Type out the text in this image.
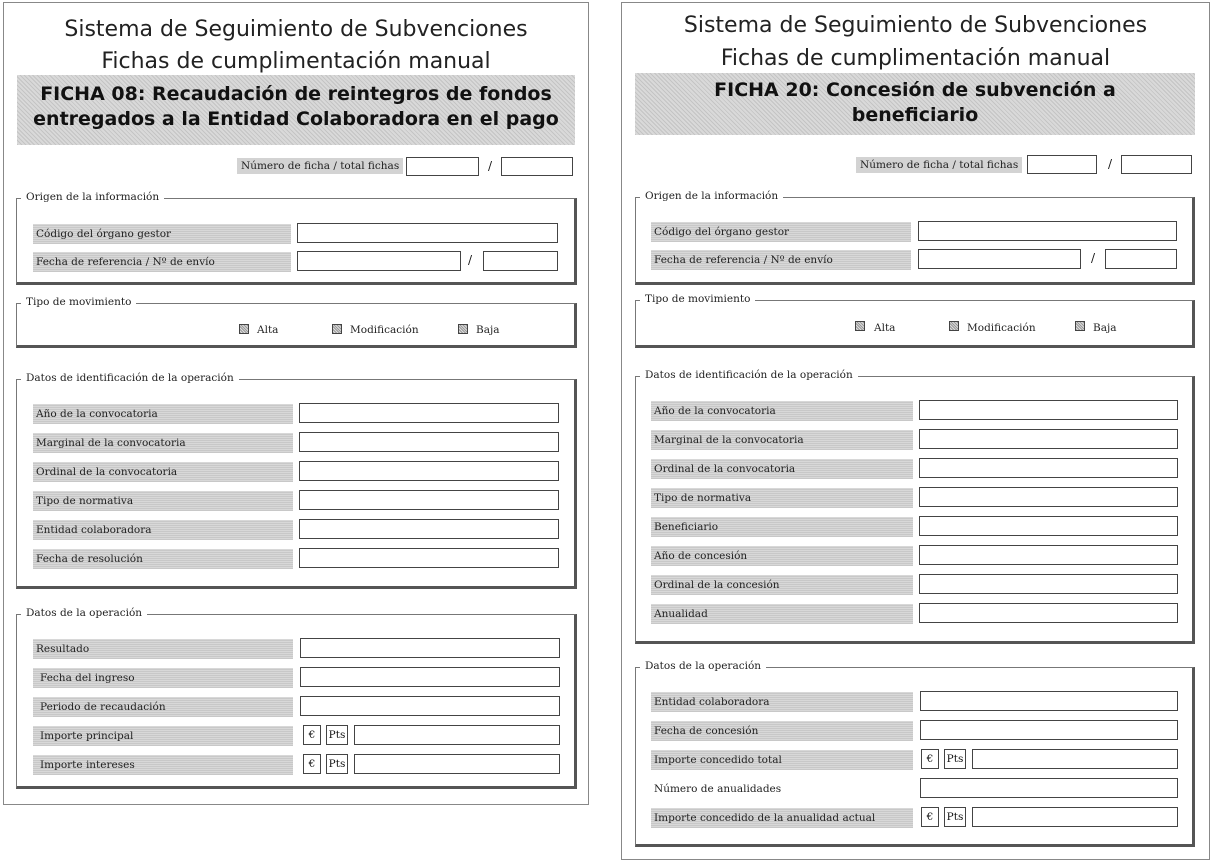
Sistema de Seguimiento de Subvenciones
Fichas de cumplimentación manual
FICHA 08: Recaudación de reintegros de fondos
entregados a la Entidad Colaboradora en el pago
Número de ficha / total fichas	/
Origen de la información
Código del órgano gestor
Fecha de referencia / Nº de envío	/
Tipo de movimiento
Alta	Modificación	Baja
Datos de identificación de la operación
Año de la convocatoria
Marginal de la convocatoria
Ordinal de la convocatoria
Tipo de normativa
Entidad colaboradora
Fecha de resolución
Datos de la operación
Resultado
Fecha del ingreso
Periodo de recaudación
Importe principal	€	Pts
Importe intereses	€	Pts
Sistema de Seguimiento de Subvenciones
Fichas de cumplimentación manual
FICHA 20: Concesión de subvención a
beneficiario
Número de ficha / total fichas	/
Origen de la información
Código del órgano gestor
Fecha de referencia / Nº de envío	/
Tipo de movimiento
Alta	Modificación	Baja
Datos de identificación de la operación
Año de la convocatoria
Marginal de la convocatoria
Ordinal de la convocatoria
Tipo de normativa
Beneficiario
Año de concesión
Ordinal de la concesión
Anualidad
Datos de la operación
Entidad colaboradora
Fecha de concesión
Importe concedido total	€	Pts
Número de anualidades
Importe concedido de la anualidad actual	€	Pts
